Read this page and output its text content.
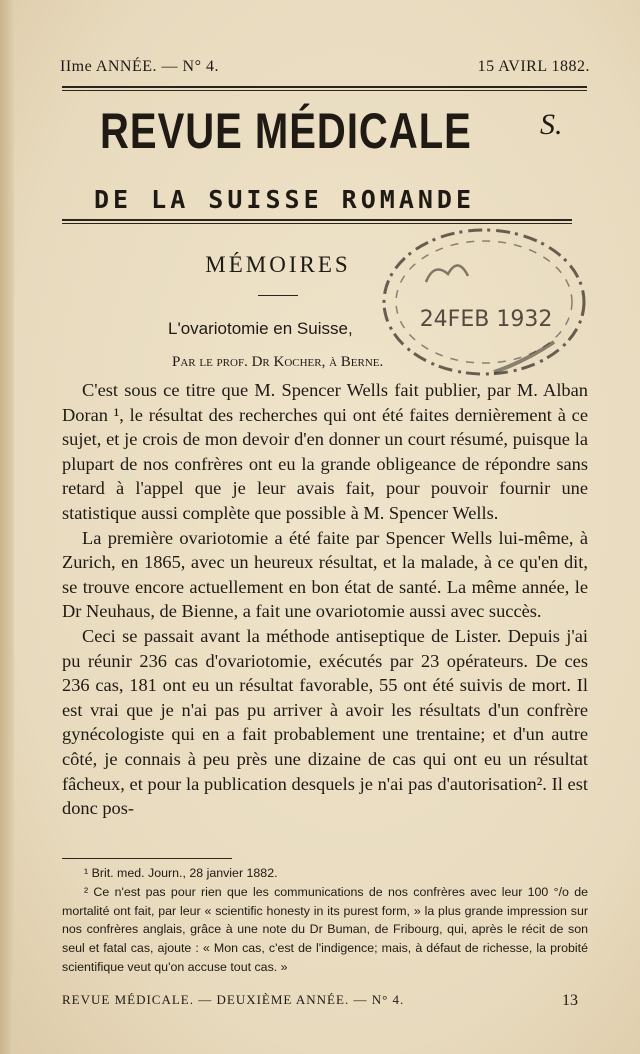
IIme ANNÉE. — N° 4.	15 AVIRL 1882.
REVUE MÉDICALE S.
DE LA SUISSE ROMANDE
24FEB 1932
MÉMOIRES
L'ovariotomie en Suisse,
Par le prof. Dr Kocher, à Berne.

C'est sous ce titre que M. Spencer Wells fait publier, par M. Alban Doran ¹, le résultat des recherches qui ont été faites dernièrement à ce sujet, et je crois de mon devoir d'en donner un court résumé, puisque la plupart de nos confrères ont eu la grande obligeance de répondre sans retard à l'appel que je leur avais fait, pour pouvoir fournir une statistique aussi complète que possible à M. Spencer Wells.

La première ovariotomie a été faite par Spencer Wells lui-même, à Zurich, en 1865, avec un heureux résultat, et la malade, à ce qu'en dit, se trouve encore actuellement en bon état de santé. La même année, le Dr Neuhaus, de Bienne, a fait une ovariotomie aussi avec succès.

Ceci se passait avant la méthode antiseptique de Lister. Depuis j'ai pu réunir 236 cas d'ovariotomie, exécutés par 23 opérateurs. De ces 236 cas, 181 ont eu un résultat favorable, 55 ont été suivis de mort. Il est vrai que je n'ai pas pu arriver à avoir les résultats d'un confrère gynécologiste qui en a fait probablement une trentaine; et d'un autre côté, je connais à peu près une dizaine de cas qui ont eu un résultat fâcheux, et pour la publication desquels je n'ai pas d'autorisation². Il est donc pos-

¹ Brit. med. Journ., 28 janvier 1882.

² Ce n'est pas pour rien que les communications de nos confrères avec leur 100 °/o de mortalité ont fait, par leur « scientific honesty in its purest form, » la plus grande impression sur nos confrères anglais, grâce à une note du Dr Buman, de Fribourg, qui, après le récit de son seul et fatal cas, ajoute : « Mon cas, c'est de l'indigence; mais, à défaut de richesse, la probité scientifique veut qu'on accuse tout cas. »

REVUE MÉDICALE. — DEUXIÈME ANNÉE. — N° 4.	13
